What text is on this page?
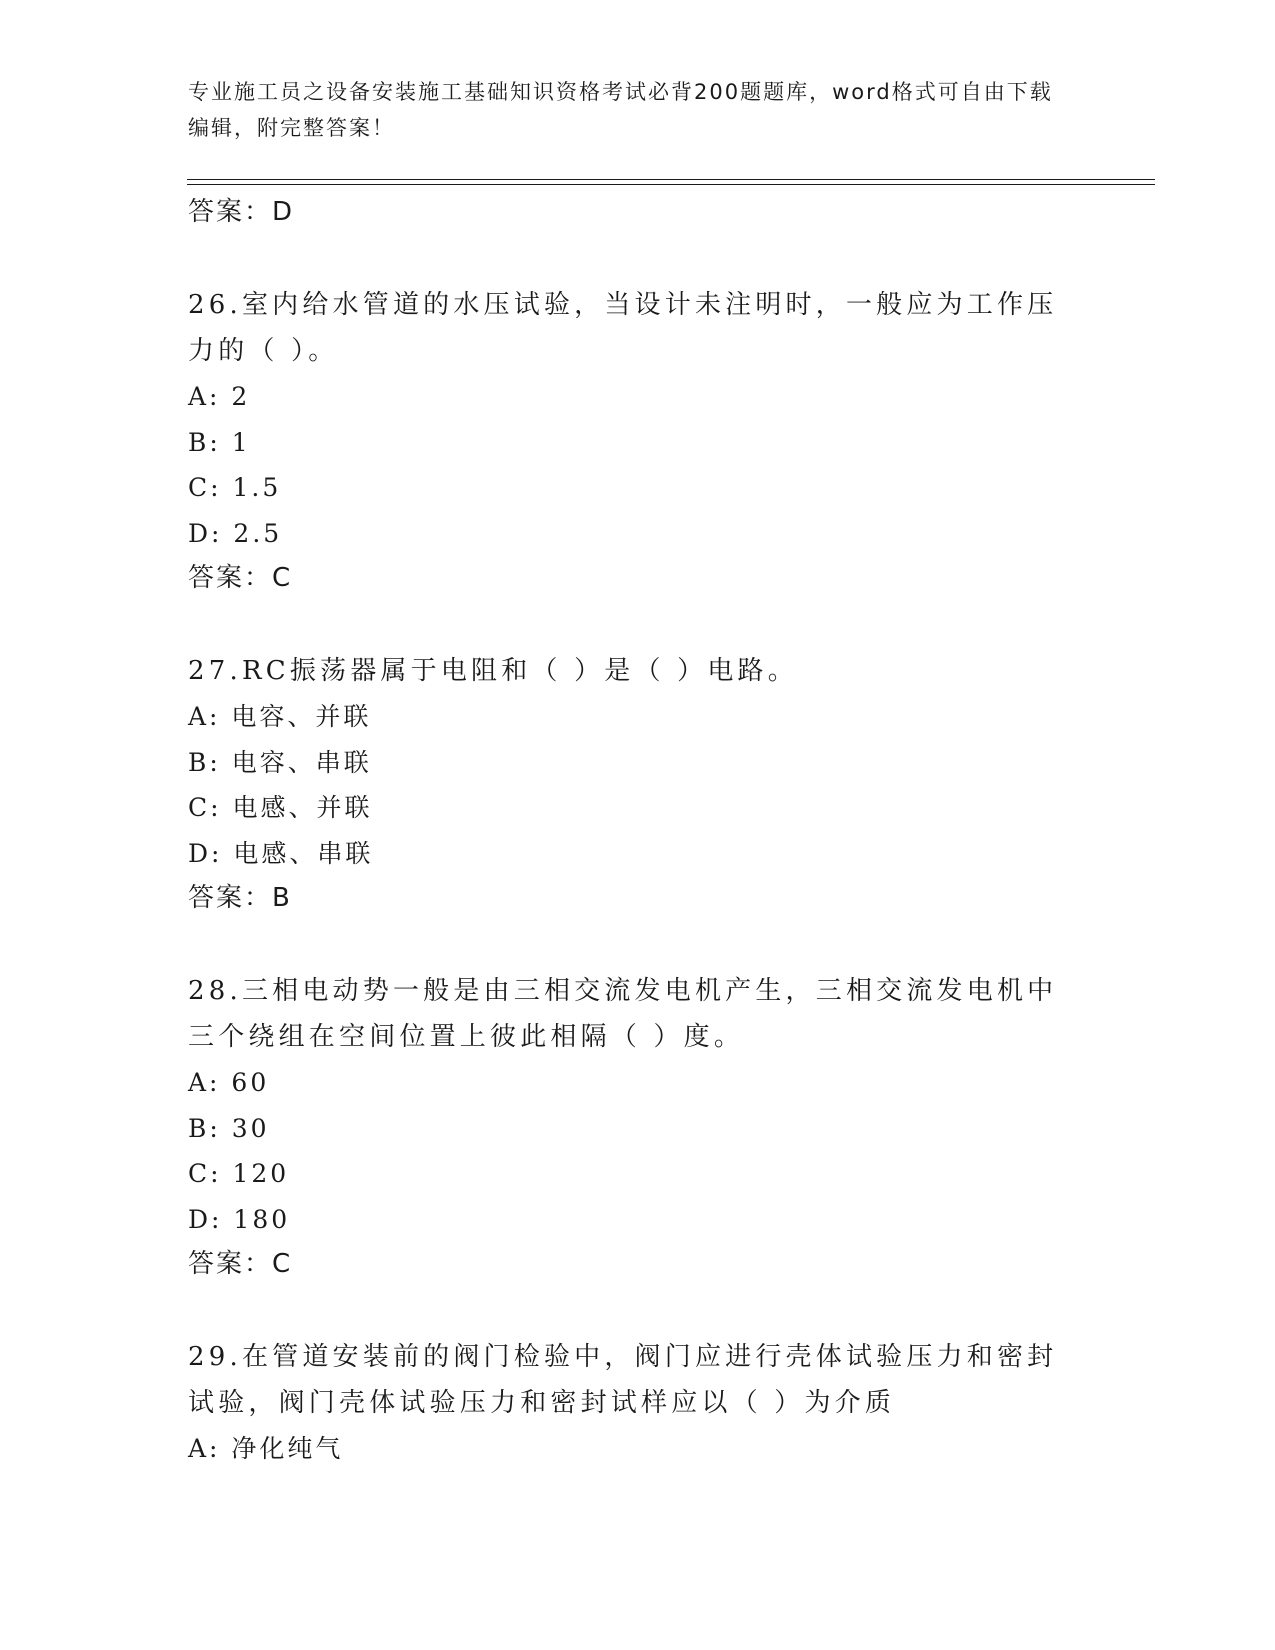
专业施工员之设备安装施工基础知识资格考试必背200题题库，word格式可自由下载编辑，附完整答案！
答案：D
26.室内给水管道的水压试验，当设计未注明时，一般应为工作压力的（ ）。
A: 2
B: 1
C: 1.5
D: 2.5
答案：C
27.RC振荡器属于电阻和（ ）是（ ）电路。
A: 电容、并联
B: 电容、串联
C: 电感、并联
D: 电感、串联
答案：B
28.三相电动势一般是由三相交流发电机产生，三相交流发电机中三个绕组在空间位置上彼此相隔（ ）度。
A: 60
B: 30
C: 120
D: 180
答案：C
29.在管道安装前的阀门检验中，阀门应进行壳体试验压力和密封试验，阀门壳体试验压力和密封试样应以（ ）为介质
A: 净化纯气
